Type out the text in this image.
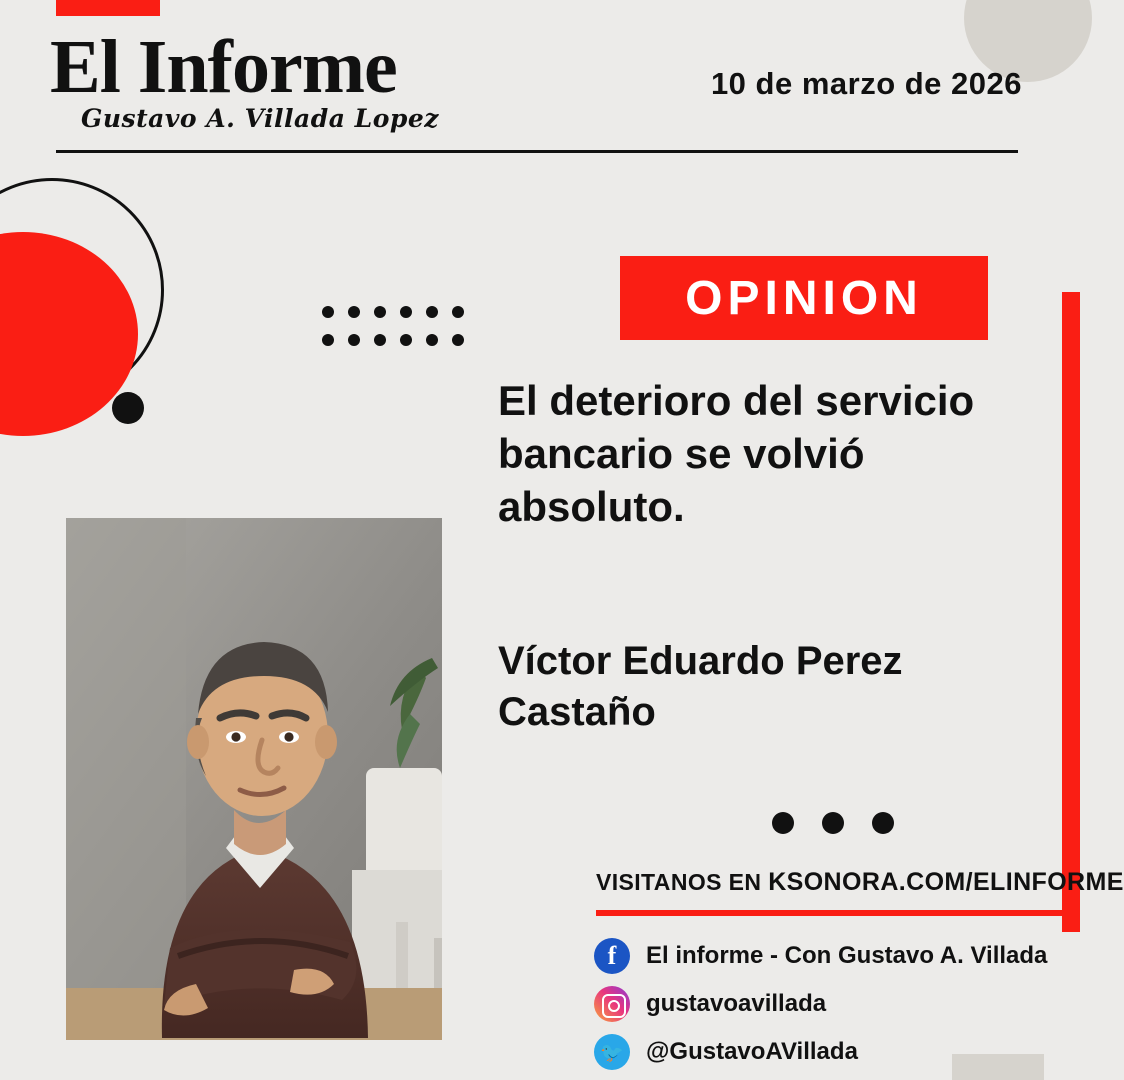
El Informe
Gustavo A. Villada Lopez
10 de marzo de 2026
OPINION
El deterioro del servicio bancario se volvió absoluto.
Víctor Eduardo Perez Castaño
VISITANOS EN KSONORA.COM/ELINFORME
f	El informe - Con Gustavo A. Villada
gustavoavillada
🐦 @GustavoAVillada
